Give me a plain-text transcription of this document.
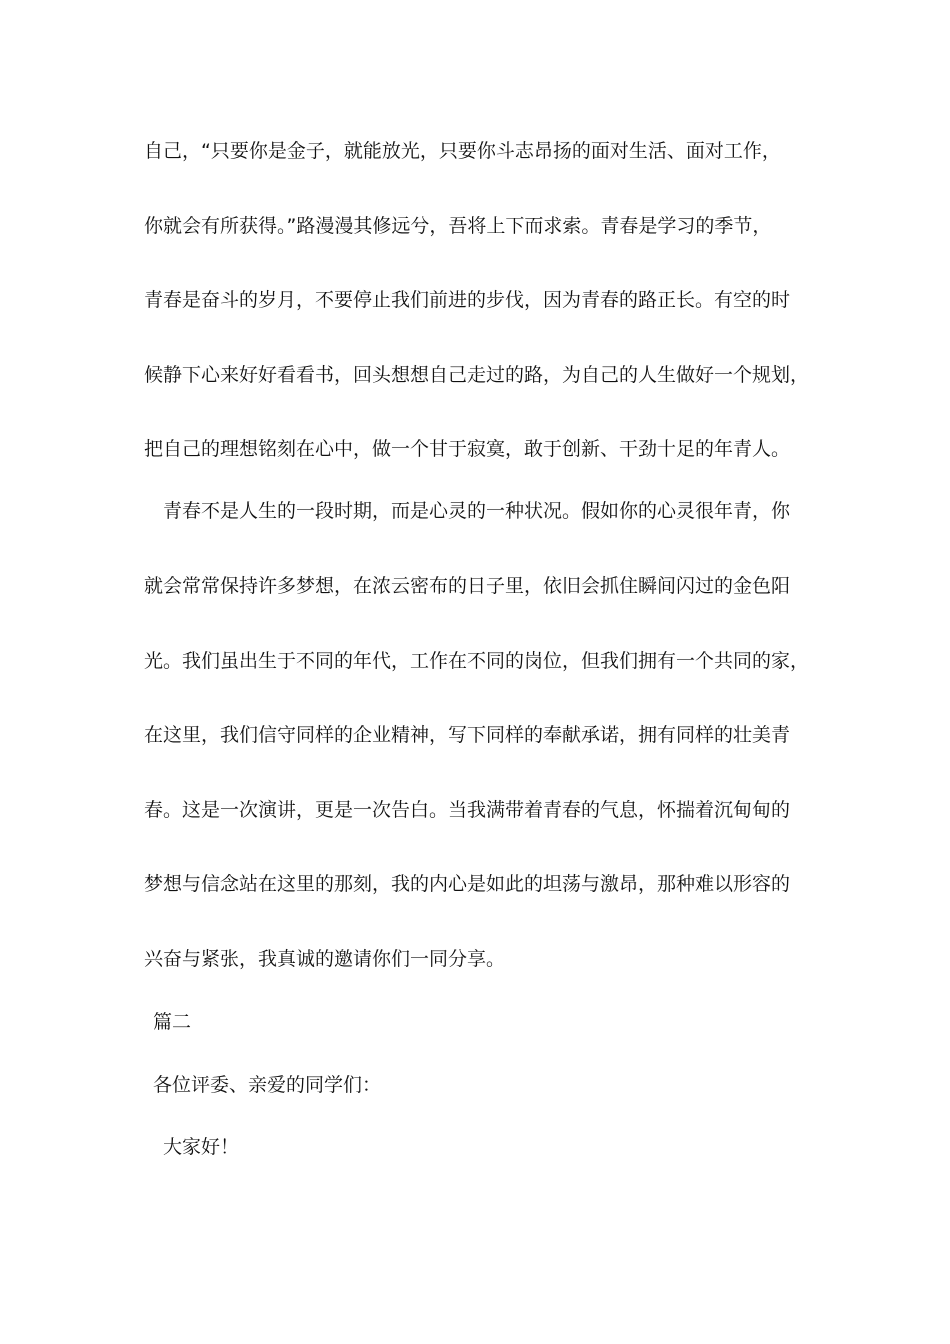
自己，“只要你是金子，就能放光，只要你斗志昂扬的面对生活、面对工作，
你就会有所获得。”路漫漫其修远兮，吾将上下而求索。青春是学习的季节，
青春是奋斗的岁月，不要停止我们前进的步伐，因为青春的路正长。有空的时
候静下心来好好看看书，回头想想自己走过的路，为自己的人生做好一个规划，
把自己的理想铭刻在心中，做一个甘于寂寞，敢于创新、干劲十足的年青人。
青春不是人生的一段时期，而是心灵的一种状况。假如你的心灵很年青，你
就会常常保持许多梦想，在浓云密布的日子里，依旧会抓住瞬间闪过的金色阳
光。我们虽出生于不同的年代，工作在不同的岗位，但我们拥有一个共同的家，
在这里，我们信守同样的企业精神，写下同样的奉献承诺，拥有同样的壮美青
春。这是一次演讲，更是一次告白。当我满带着青春的气息，怀揣着沉甸甸的
梦想与信念站在这里的那刻，我的内心是如此的坦荡与激昂，那种难以形容的
兴奋与紧张，我真诚的邀请你们一同分享。
篇二
各位评委、亲爱的同学们：
大家好！
